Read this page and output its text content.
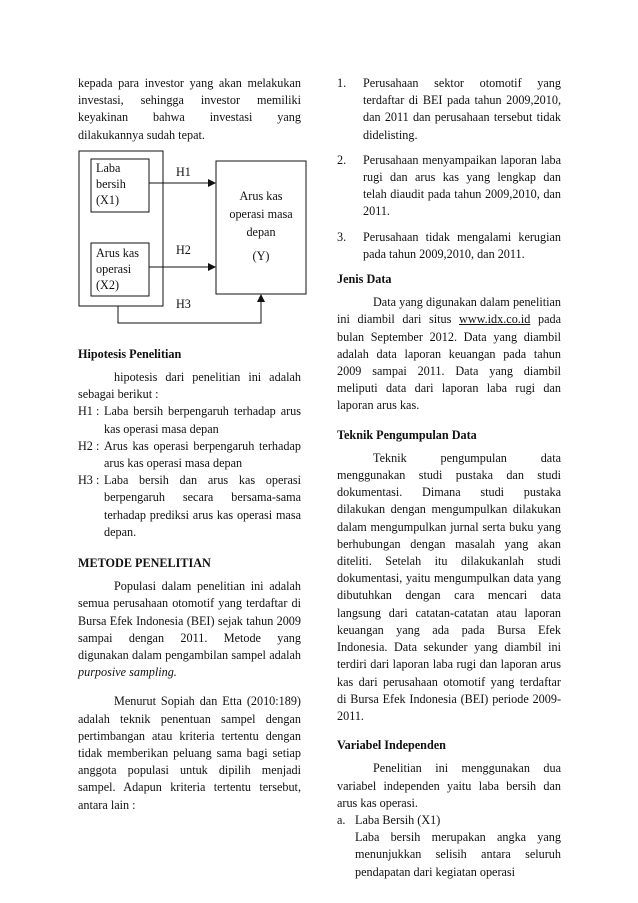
kepada para investor yang akan melakukan investasi, sehingga investor memiliki keyakinan bahwa investasi yang dilakukannya sudah tepat.

Laba
bersih
(X1)
Arus kas
operasi
(X2)
Arus kas
operasi masa
depan
(Y)
H1
H2
H3

Hipotesis Penelitian

hipotesis dari penelitian ini adalah sebagai berikut :

H1 : Laba bersih berpengaruh terhadap arus kas operasi masa depan
H2 : Arus kas operasi berpengaruh terhadap arus kas operasi masa depan
H3 : Laba bersih dan arus kas operasi berpengaruh secara bersama-sama terhadap prediksi arus kas operasi masa depan.

METODE PENELITIAN

Populasi dalam penelitian ini adalah semua perusahaan otomotif yang terdaftar di Bursa Efek Indonesia (BEI) sejak tahun 2009 sampai dengan 2011. Metode yang digunakan dalam pengambilan sampel adalah purposive sampling.

Menurut Sopiah dan Etta (2010:189) adalah teknik penentuan sampel dengan pertimbangan atau kriteria tertentu dengan tidak memberikan peluang sama bagi setiap anggota populasi untuk dipilih menjadi sampel. Adapun kriteria tertentu tersebut, antara lain :

1.	Perusahaan sektor otomotif yang terdaftar di BEI pada tahun 2009,2010, dan 2011 dan perusahaan tersebut tidak didelisting.
2.	Perusahaan menyampaikan laporan laba rugi dan arus kas yang lengkap dan telah diaudit pada tahun 2009,2010, dan 2011.
3.	Perusahaan tidak mengalami kerugian pada tahun 2009,2010, dan 2011.

Jenis Data

Data yang digunakan dalam penelitian ini diambil dari situs www.idx.co.id pada bulan September 2012. Data yang diambil adalah data laporan keuangan pada tahun 2009 sampai 2011. Data yang diambil meliputi data dari laporan laba rugi dan laporan arus kas.

Teknik Pengumpulan Data

Teknik pengumpulan data menggunakan studi pustaka dan studi dokumentasi. Dimana studi pustaka dilakukan dengan mengumpulkan dilakukan dalam mengumpulkan jurnal serta buku yang berhubungan dengan masalah yang akan diteliti. Setelah itu dilakukanlah studi dokumentasi, yaitu mengumpulkan data yang dibutuhkan dengan cara mencari data langsung dari catatan-catatan atau laporan keuangan yang ada pada Bursa Efek Indonesia. Data sekunder yang diambil ini terdiri dari laporan laba rugi dan laporan arus kas dari perusahaan otomotif yang terdaftar di Bursa Efek Indonesia (BEI) periode 2009-2011.

Variabel Independen

Penelitian ini menggunakan dua variabel independen yaitu laba bersih dan arus kas operasi.

a. Laba Bersih (X1)

Laba bersih merupakan angka yang menunjukkan selisih antara seluruh pendapatan dari kegiatan operasi
